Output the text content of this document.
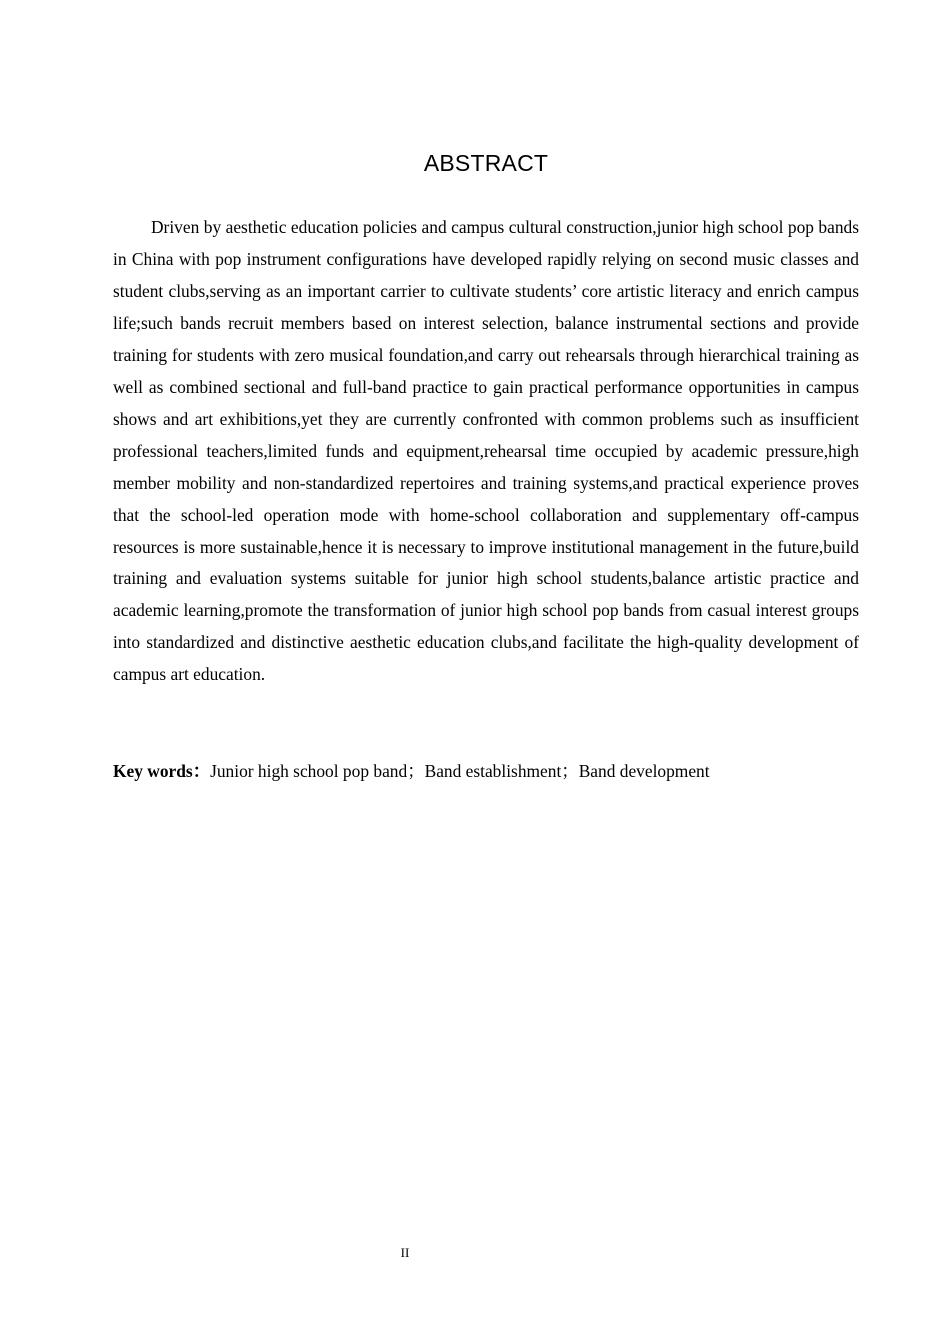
ABSTRACT

Driven by aesthetic education policies and campus cultural construction,junior high school pop bands in China with pop instrument configurations have developed rapidly relying on second music classes and student clubs,serving as an important carrier to cultivate students’ core artistic literacy and enrich campus life;such bands recruit members based on interest selection, balance instrumental sections and provide training for students with zero musical foundation,and carry out rehearsals through hierarchical training as well as combined sectional and full-band practice to gain practical performance opportunities in campus shows and art exhibitions,yet they are currently confronted with common problems such as insufficient professional teachers,limited funds and equipment,rehearsal time occupied by academic pressure,high member mobility and non-standardized repertoires and training systems,and practical experience proves that the school-led operation mode with home-school collaboration and supplementary off-campus resources is more sustainable,hence it is necessary to improve institutional management in the future,build training and evaluation systems suitable for junior high school students,balance artistic practice and academic learning,promote the transformation of junior high school pop bands from casual interest groups into standardized and distinctive aesthetic education clubs,and facilitate the high-quality development of campus art education.

Key words：Junior high school pop band；Band establishment；Band development

II
